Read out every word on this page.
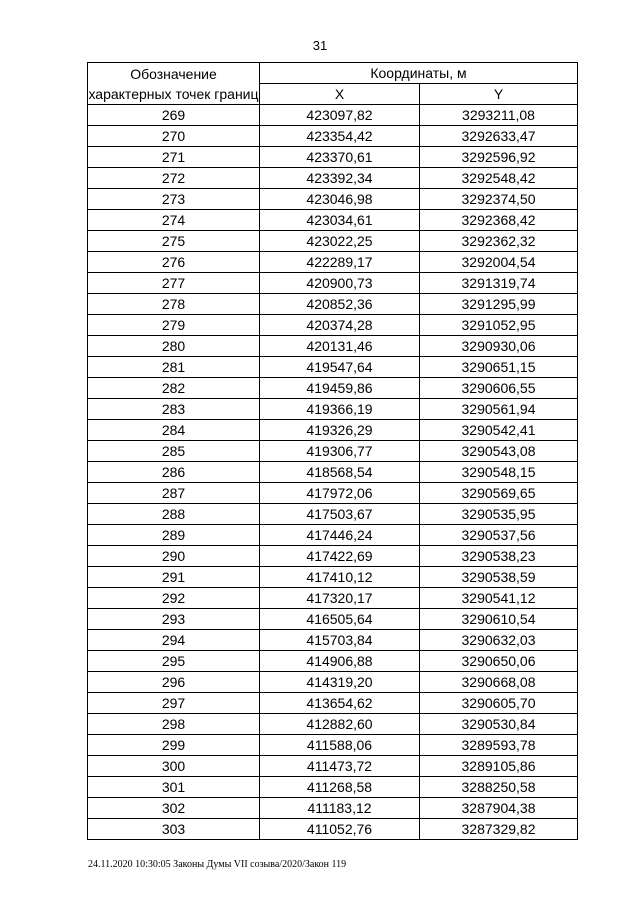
31
Обозначение характерных точек границ	Координаты, м	
	X	Y
269	423097,82	3293211,08
270	423354,42	3292633,47
271	423370,61	3292596,92
272	423392,34	3292548,42
273	423046,98	3292374,50
274	423034,61	3292368,42
275	423022,25	3292362,32
276	422289,17	3292004,54
277	420900,73	3291319,74
278	420852,36	3291295,99
279	420374,28	3291052,95
280	420131,46	3290930,06
281	419547,64	3290651,15
282	419459,86	3290606,55
283	419366,19	3290561,94
284	419326,29	3290542,41
285	419306,77	3290543,08
286	418568,54	3290548,15
287	417972,06	3290569,65
288	417503,67	3290535,95
289	417446,24	3290537,56
290	417422,69	3290538,23
291	417410,12	3290538,59
292	417320,17	3290541,12
293	416505,64	3290610,54
294	415703,84	3290632,03
295	414906,88	3290650,06
296	414319,20	3290668,08
297	413654,62	3290605,70
298	412882,60	3290530,84
299	411588,06	3289593,78
300	411473,72	3289105,86
301	411268,58	3288250,58
302	411183,12	3287904,38
303	411052,76	3287329,82
24.11.2020 10:30:05 Законы Думы VII созыва/2020/Закон 119
